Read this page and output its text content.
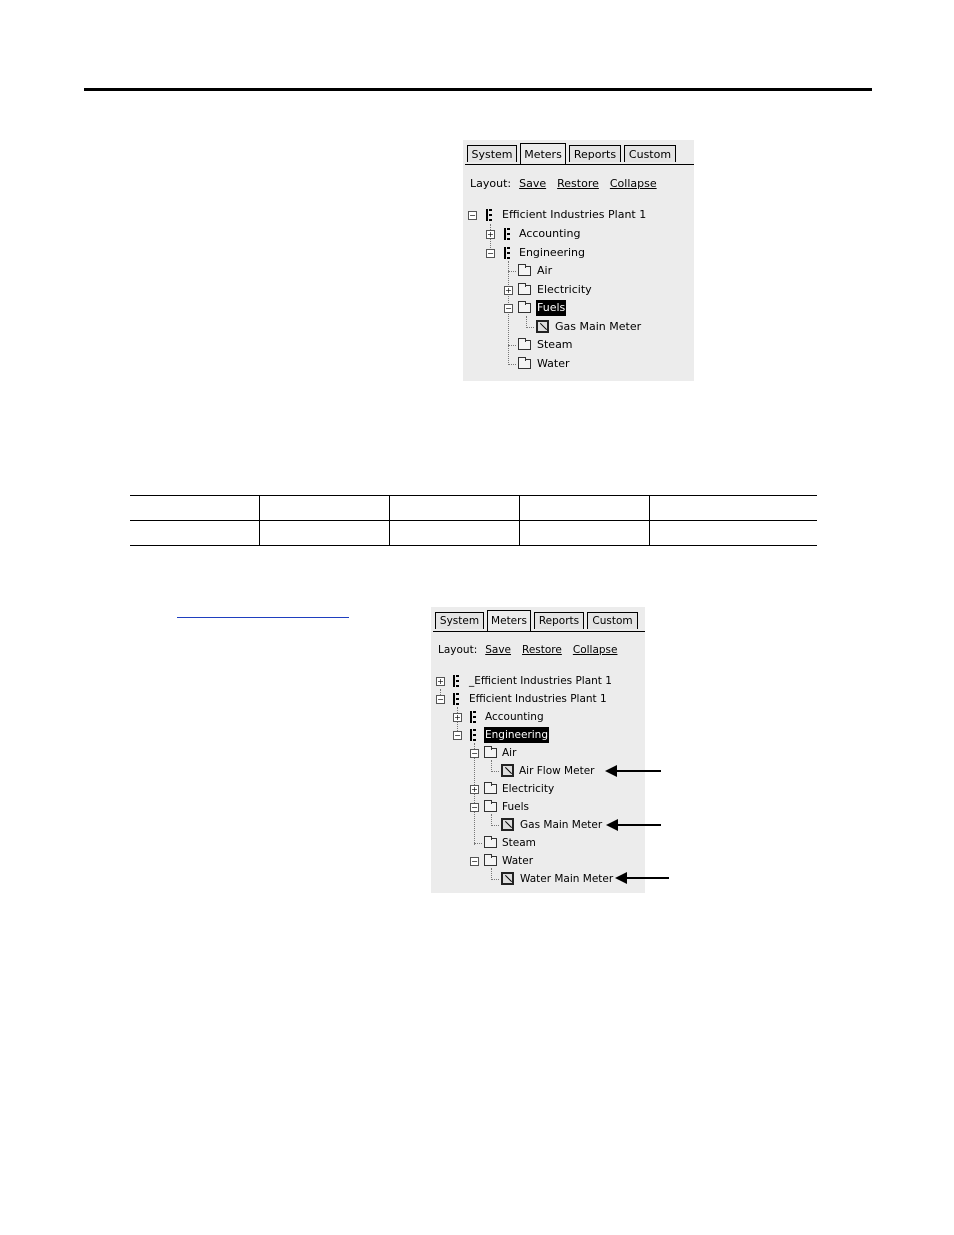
System	Meters	Reports	Custom
Layout: Save Restore Collapse
− Efficient Industries Plant 1
+ Accounting
− Engineering
Air
+ Electricity
− Fuels
Gas Main Meter
Steam
Water

System	Meters	Reports	Custom
Layout: Save Restore Collapse
+ _Efficient Industries Plant 1
− Efficient Industries Plant 1
+ Accounting
− Engineering
− Air
Air Flow Meter
+ Electricity
− Fuels
Gas Main Meter
Steam
− Water
Water Main Meter
